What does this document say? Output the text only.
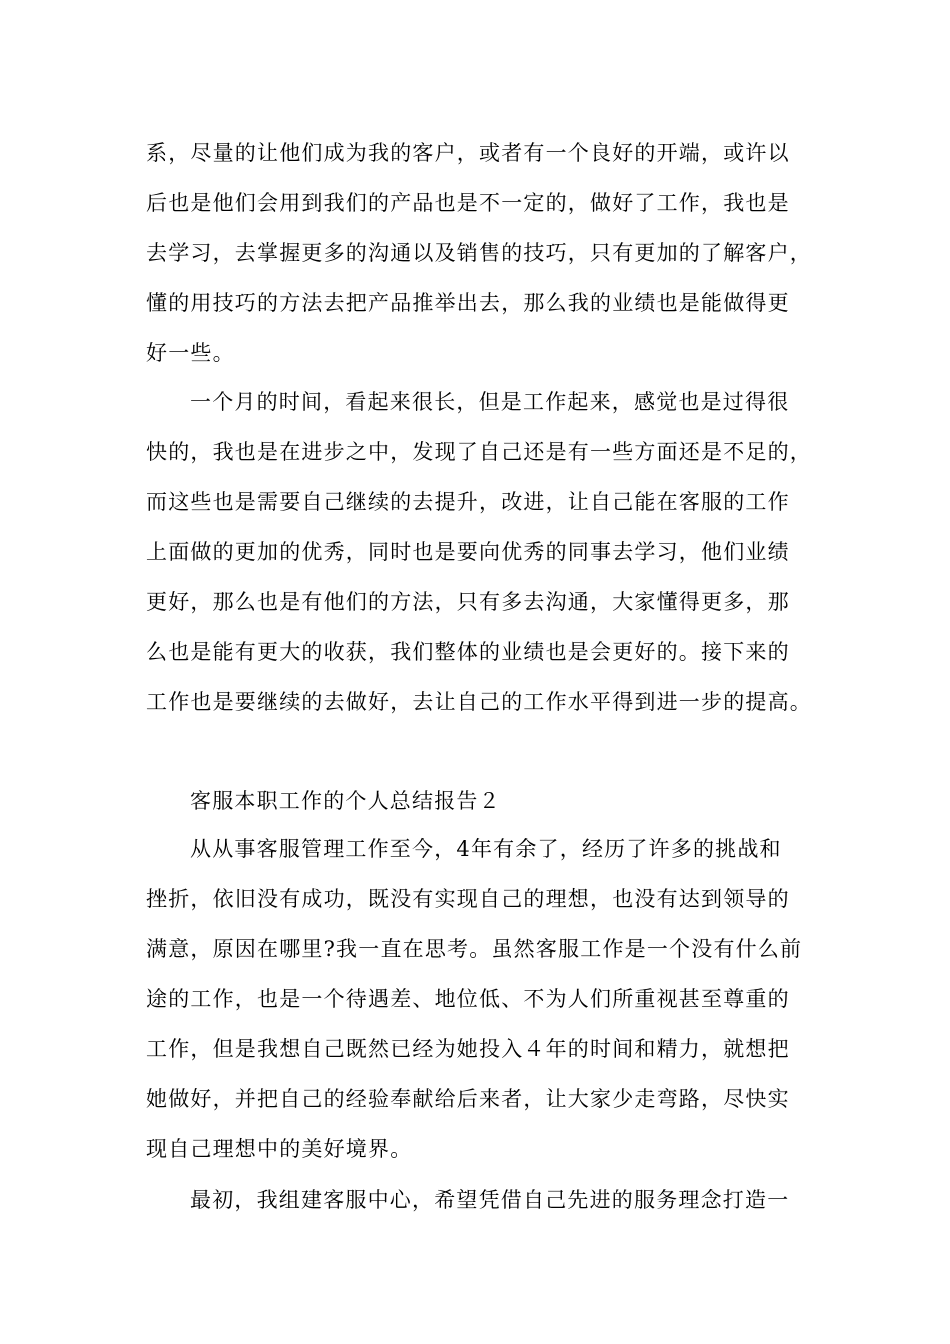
系，尽量的让他们成为我的客户，或者有一个良好的开端，或许以

后也是他们会用到我们的产品也是不一定的，做好了工作，我也是

去学习，去掌握更多的沟通以及销售的技巧，只有更加的了解客户，

懂的用技巧的方法去把产品推举出去，那么我的业绩也是能做得更

好一些。

一个月的时间，看起来很长，但是工作起来，感觉也是过得很

快的，我也是在进步之中，发现了自己还是有一些方面还是不足的，

而这些也是需要自己继续的去提升，改进，让自己能在客服的工作

上面做的更加的优秀，同时也是要向优秀的同事去学习，他们业绩

更好，那么也是有他们的方法，只有多去沟通，大家懂得更多，那

么也是能有更大的收获，我们整体的业绩也是会更好的。接下来的

工作也是要继续的去做好，去让自己的工作水平得到进一步的提高。

客服本职工作的个人总结报告２

从从事客服管理工作至今，4年有余了，经历了许多的挑战和

挫折，依旧没有成功，既没有实现自己的理想，也没有达到领导的

满意，原因在哪里?我一直在思考。虽然客服工作是一个没有什么前

途的工作，也是一个待遇差、地位低、不为人们所重视甚至尊重的

工作，但是我想自己既然已经为她投入４年的时间和精力，就想把

她做好，并把自己的经验奉献给后来者，让大家少走弯路，尽快实

现自己理想中的美好境界。

最初，我组建客服中心，希望凭借自己先进的服务理念打造一
